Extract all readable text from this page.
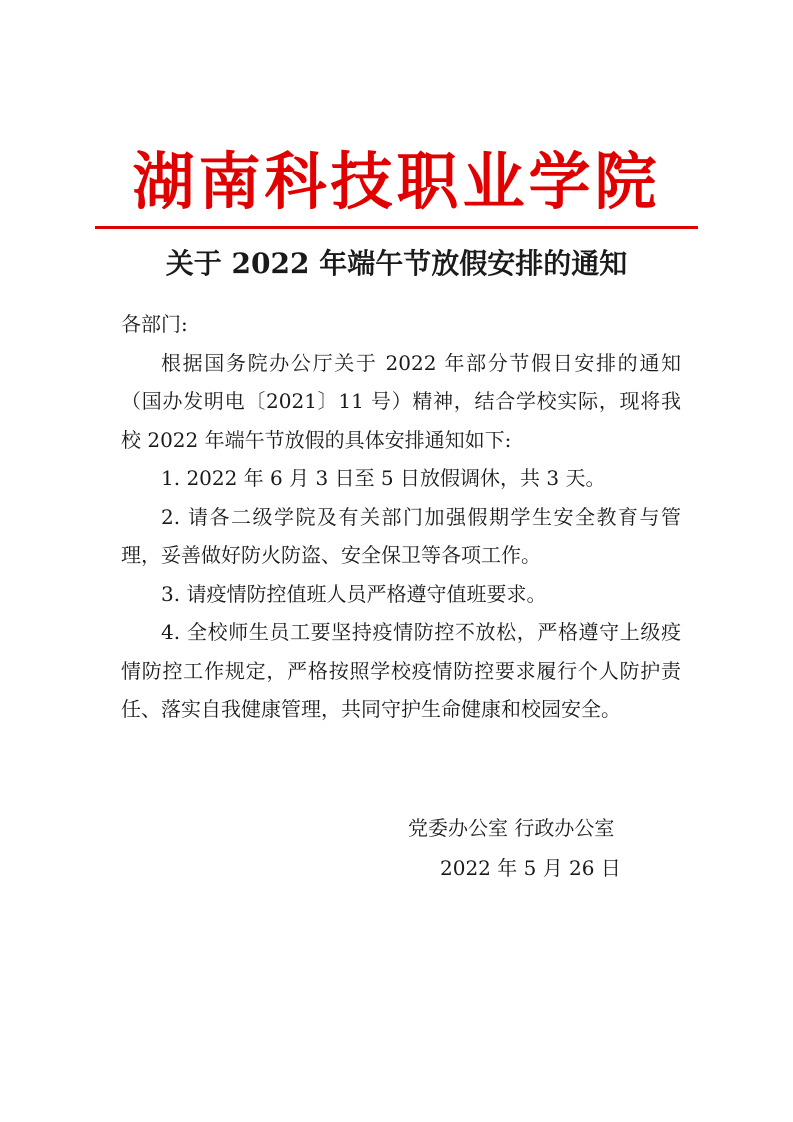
湖南科技职业学院
关于 2022 年端午节放假安排的通知

各部门:

根据国务院办公厅关于 2022 年部分节假日安排的通知（国办发明电〔2021〕11 号）精神，结合学校实际，现将我校 2022 年端午节放假的具体安排通知如下:

1. 2022 年 6 月 3 日至 5 日放假调休，共 3 天。

2. 请各二级学院及有关部门加强假期学生安全教育与管理，妥善做好防火防盗、安全保卫等各项工作。

3. 请疫情防控值班人员严格遵守值班要求。

4. 全校师生员工要坚持疫情防控不放松，严格遵守上级疫情防控工作规定，严格按照学校疫情防控要求履行个人防护责任、落实自我健康管理，共同守护生命健康和校园安全。

党委办公室 行政办公室
2022 年 5 月 26 日
